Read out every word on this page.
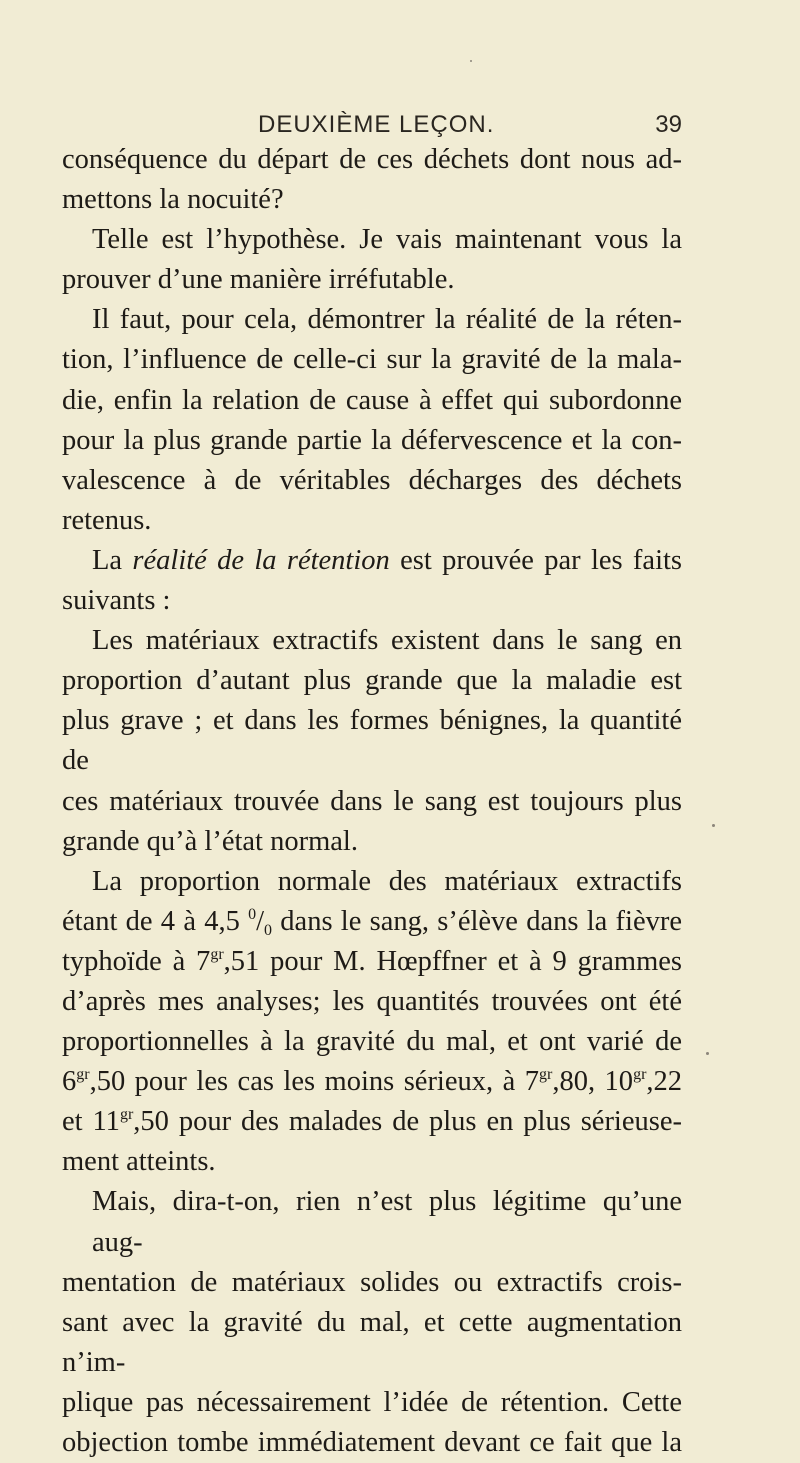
DEUXIÈME LEÇON.	39
conséquence du départ de ces déchets dont nous ad-
mettons la nocuité?
Telle est l’hypothèse. Je vais maintenant vous la
prouver d’une manière irréfutable.
Il faut, pour cela, démontrer la réalité de la réten-
tion, l’influence de celle-ci sur la gravité de la mala-
die, enfin la relation de cause à effet qui subordonne
pour la plus grande partie la défervescence et la con-
valescence à de véritables décharges des déchets
retenus.
La réalité de la rétention est prouvée par les faits
suivants :
Les matériaux extractifs existent dans le sang en
proportion d’autant plus grande que la maladie est
plus grave ; et dans les formes bénignes, la quantité de
ces matériaux trouvée dans le sang est toujours plus
grande qu’à l’état normal.
La proportion normale des matériaux extractifs
étant de 4 à 4,5 $^0/_0$ dans le sang, s’élève dans la fièvre
typhoïde à $7^{gr},51$ pour M. Hœpffner et à 9 grammes
d’après mes analyses; les quantités trouvées ont été
proportionnelles à la gravité du mal, et ont varié de
$6^{gr},50$ pour les cas les moins sérieux, à $7^{gr},80$, $10^{gr},22$
et $11^{gr},50$ pour des malades de plus en plus sérieuse-
ment atteints.
Mais, dira-t-on, rien n’est plus légitime qu’une aug-
mentation de matériaux solides ou extractifs crois-
sant avec la gravité du mal, et cette augmentation n’im-
plique pas nécessairement l’idée de rétention. Cette
objection tombe immédiatement devant ce fait que la
